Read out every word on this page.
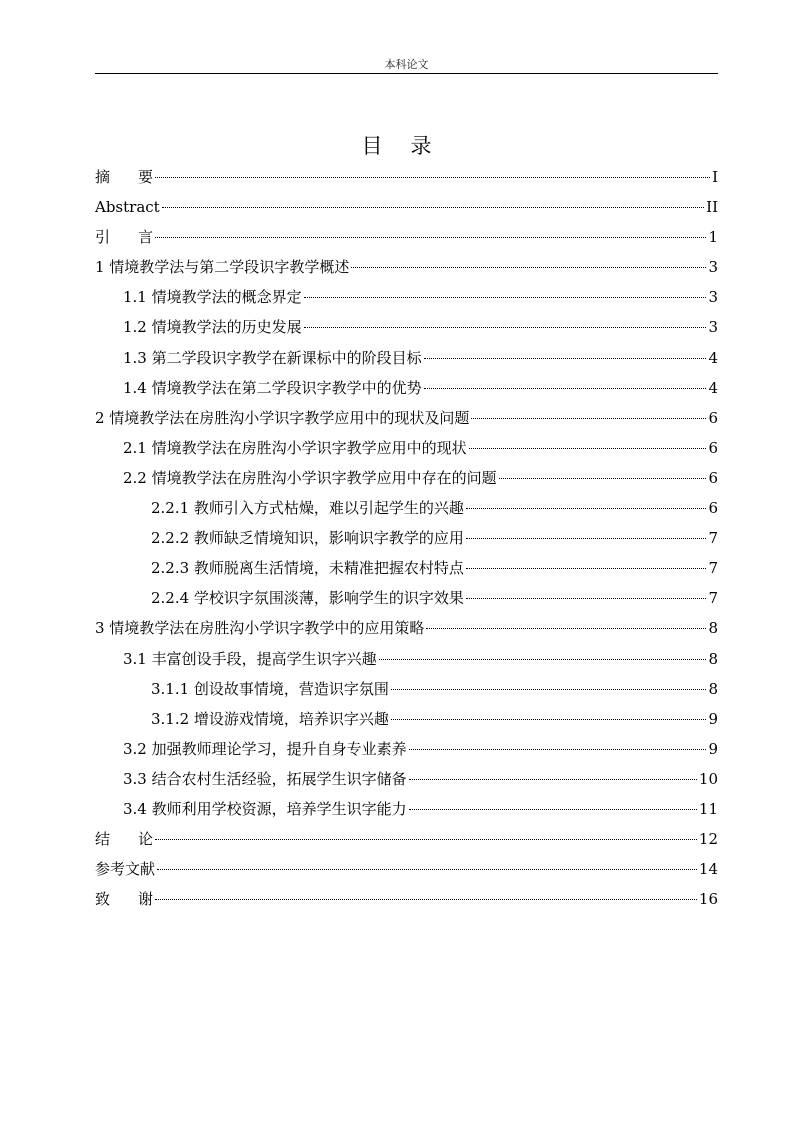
本科论文
目 录
摘要	I
Abstract	II
引言	1
1 情境教学法与第二学段识字教学概述	3
1.1 情境教学法的概念界定	3
1.2 情境教学法的历史发展	3
1.3 第二学段识字教学在新课标中的阶段目标	4
1.4 情境教学法在第二学段识字教学中的优势	4
2 情境教学法在房胜沟小学识字教学应用中的现状及问题	6
2.1 情境教学法在房胜沟小学识字教学应用中的现状	6
2.2 情境教学法在房胜沟小学识字教学应用中存在的问题	6
2.2.1 教师引入方式枯燥，难以引起学生的兴趣	6
2.2.2 教师缺乏情境知识，影响识字教学的应用	7
2.2.3 教师脱离生活情境，未精准把握农村特点	7
2.2.4 学校识字氛围淡薄，影响学生的识字效果	7
3 情境教学法在房胜沟小学识字教学中的应用策略	8
3.1 丰富创设手段，提高学生识字兴趣	8
3.1.1 创设故事情境，营造识字氛围	8
3.1.2 增设游戏情境，培养识字兴趣	9
3.2 加强教师理论学习，提升自身专业素养	9
3.3 结合农村生活经验，拓展学生识字储备	10
3.4 教师利用学校资源，培养学生识字能力	11
结论	12
参考文献	14
致谢	16
